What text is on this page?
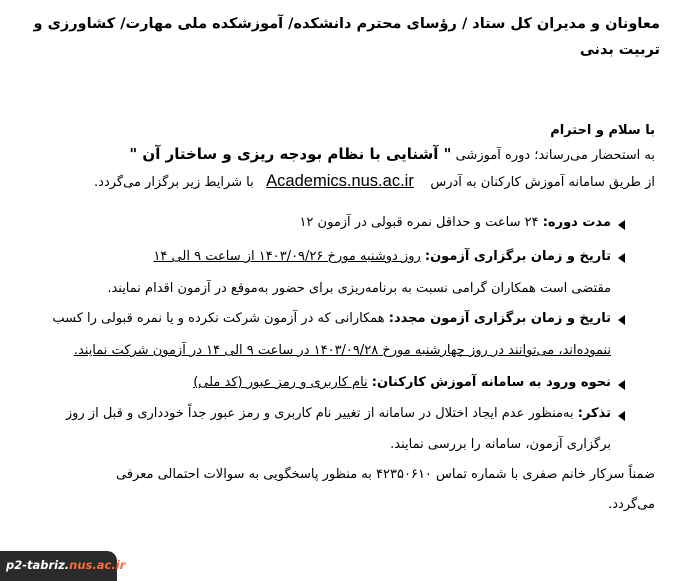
معاونان و مدیران کل ستاد / رؤسای محترم دانشکده/ آموزشکده ملی مهارت/ کشاورزی و
تربیت بدنی
با سلام و احترام
به استحضار می‌رساند؛ دوره آموزشی " آشنایی با نظام بودجه ریزی و ساختار آن "
از طریق سامانه آموزش کارکنان به آدرس    Academics.nus.ac.ir   با شرایط زیر برگزار می‌گردد.
مدت دوره: ۲۴ ساعت و حداقل نمره قبولی در آزمون ۱۲
تاریخ و زمان برگزاری آزمون: روز دوشنبه مورخ ۱۴۰۳/۰۹/۲۶ از ساعت ۹ الی ۱۴
مقتضی است همکاران گرامی نسبت به برنامه‌ریزی برای حضور به‌موقع در آزمون اقدام نمایند.
تاریخ و زمان برگزاری آزمون مجدد: همکارانی که در آزمون شرکت نکرده و یا نمره قبولی را کسب
ننموده‌اند، می‌توانند در روز چهارشنبه مورخ ۱۴۰۳/۰۹/۲۸ در ساعت ۹ الی ۱۴ در آزمون شرکت نمایند.
نحوه ورود به سامانه آموزش کارکنان: نام کاربری و رمز عبور (کد ملی)
تذکر: به‌منظور عدم ایجاد اختلال در سامانه از تغییر نام کاربری و رمز عبور جداً خودداری و قبل از روز
برگزاری آزمون، سامانه را بررسی نمایند.
ضمناً سرکار خانم صفری با شماره تماس ۴۲۳۵۰۶۱۰ به منظور پاسخگویی به سوالات احتمالی معرفی
می‌گردد.
p2-tabriz.nus.ac.ir
